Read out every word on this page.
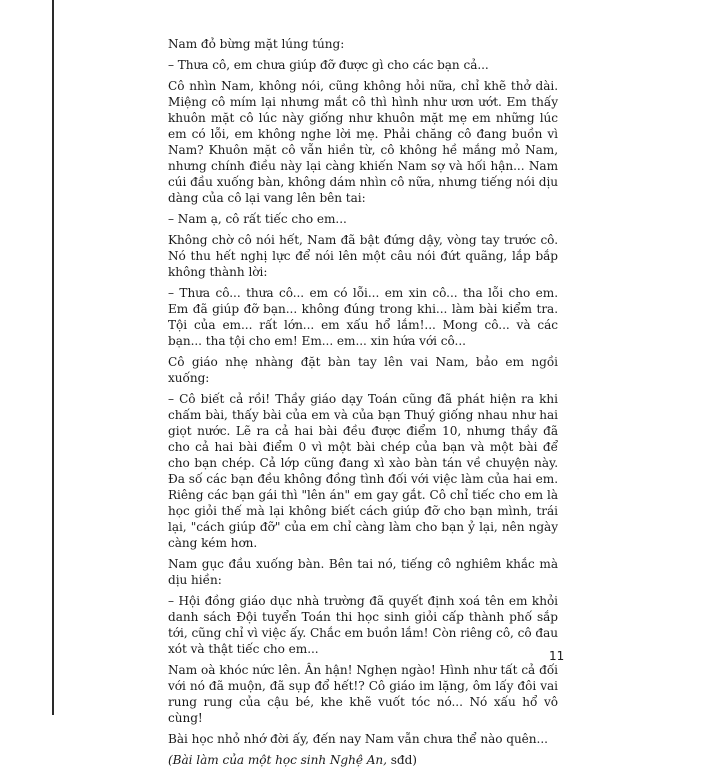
Nam đỏ bừng mặt lúng túng:

– Thưa cô, em chưa giúp đỡ được gì cho các bạn cả...

Cô nhìn Nam, không nói, cũng không hỏi nữa, chỉ khẽ thở dài. Miệng cô mím lại nhưng mắt cô thì hình như ươn ướt. Em thấy khuôn mặt cô lúc này giống như khuôn mặt mẹ em những lúc em có lỗi, em không nghe lời mẹ. Phải chăng cô đang buồn vì Nam? Khuôn mặt cô vẫn hiền từ, cô không hề mắng mỏ Nam, nhưng chính điều này lại càng khiến Nam sợ và hối hận... Nam cúi đầu xuống bàn, không dám nhìn cô nữa, nhưng tiếng nói dịu dàng của cô lại vang lên bên tai:

– Nam ạ, cô rất tiếc cho em...

Không chờ cô nói hết, Nam đã bật đứng dậy, vòng tay trước cô. Nó thu hết nghị lực để nói lên một câu nói đứt quãng, lắp bắp không thành lời:

– Thưa cô... thưa cô... em có lỗi... em xin cô... tha lỗi cho em. Em đã giúp đỡ bạn... không đúng trong khi... làm bài kiểm tra. Tội của em... rất lớn... em xấu hổ lắm!... Mong cô... và các bạn... tha tội cho em! Em... em... xin hứa với cô...

Cô giáo nhẹ nhàng đặt bàn tay lên vai Nam, bảo em ngồi xuống:

– Cô biết cả rồi! Thầy giáo dạy Toán cũng đã phát hiện ra khi chấm bài, thấy bài của em và của bạn Thuý giống nhau như hai giọt nước. Lẽ ra cả hai bài đều được điểm 10, nhưng thầy đã cho cả hai bài điểm 0 vì một bài chép của bạn và một bài để cho bạn chép. Cả lớp cũng đang xì xào bàn tán về chuyện này. Đa số các bạn đều không đồng tình đối với việc làm của hai em. Riêng các bạn gái thì "lên án" em gay gắt. Cô chỉ tiếc cho em là học giỏi thế mà lại không biết cách giúp đỡ cho bạn mình, trái lại, "cách giúp đỡ" của em chỉ càng làm cho bạn ỷ lại, nên ngày càng kém hơn.

Nam gục đầu xuống bàn. Bên tai nó, tiếng cô nghiêm khắc mà dịu hiền:

– Hội đồng giáo dục nhà trường đã quyết định xoá tên em khỏi danh sách Đội tuyển Toán thi học sinh giỏi cấp thành phố sắp tới, cũng chỉ vì việc ấy. Chắc em buồn lắm! Còn riêng cô, cô đau xót và thật tiếc cho em...

Nam oà khóc nức lên. Ân hận! Nghẹn ngào! Hình như tất cả đối với nó đã muộn, đã sụp đổ hết!? Cô giáo im lặng, ôm lấy đôi vai rung rung của cậu bé, khe khẽ vuốt tóc nó... Nó xấu hổ vô cùng!

Bài học nhỏ nhớ đời ấy, đến nay Nam vẫn chưa thể nào quên...

(Bài làm của một học sinh Nghệ An, sđd)

11
